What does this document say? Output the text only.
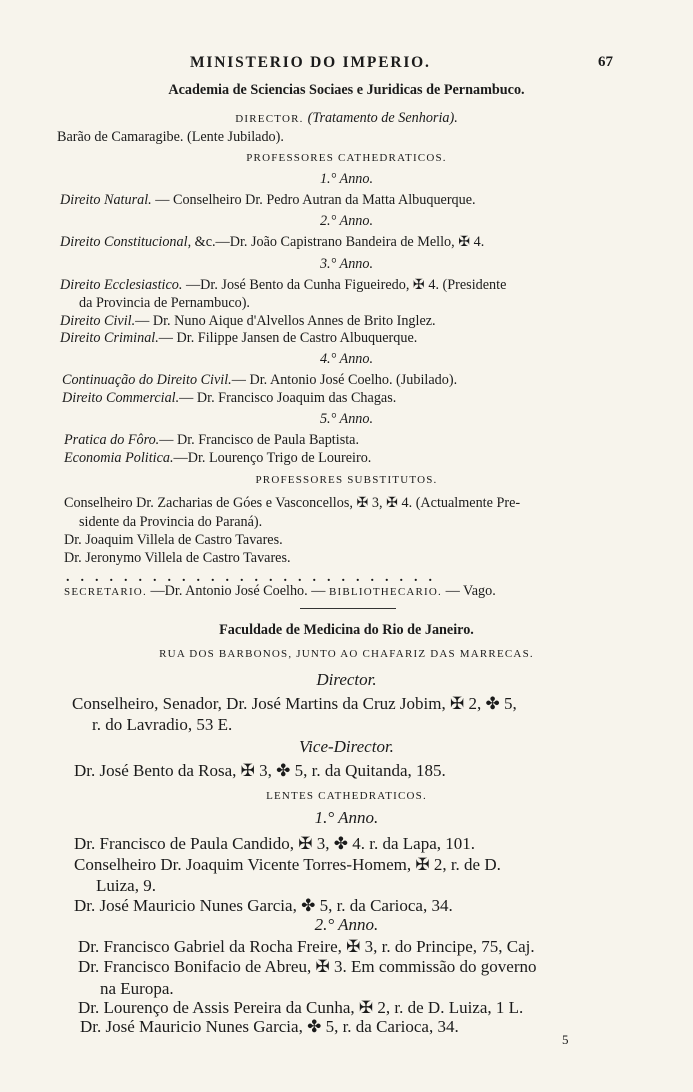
MINISTERIO DO IMPERIO.	67
Academia de Sciencias Sociaes e Juridicas de Pernambuco.
DIRECTOR. (Tratamento de Senhoria).
Barão de Camaragibe. (Lente Jubilado).
PROFESSORES CATHEDRATICOS.
1.° Anno.
Direito Natural. — Conselheiro Dr. Pedro Autran da Matta Albuquerque.
2.° Anno.
Direito Constitucional, &c.—Dr. João Capistrano Bandeira de Mello, ✠ 4.
3.° Anno.
Direito Ecclesiastico. —Dr. José Bento da Cunha Figueiredo, ✠ 4. (Presidente
da Provincia de Pernambuco).
Direito Civil.— Dr. Nuno Aique d'Alvellos Annes de Brito Inglez.
Direito Criminal.— Dr. Filippe Jansen de Castro Albuquerque.
4.° Anno.
Continuação do Direito Civil.— Dr. Antonio José Coelho. (Jubilado).
Direito Commercial.— Dr. Francisco Joaquim das Chagas.
5.° Anno.
Pratica do Fôro.— Dr. Francisco de Paula Baptista.
Economia Politica.—Dr. Lourenço Trigo de Loureiro.
PROFESSORES SUBSTITUTOS.
Conselheiro Dr. Zacharias de Góes e Vasconcellos, ✠ 3, ✠ 4. (Actualmente Pre-
sidente da Provincia do Paraná).
Dr. Joaquim Villela de Castro Tavares.
Dr. Jeronymo Villela de Castro Tavares.
..........................
SECRETARIO. —Dr. Antonio José Coelho. — BIBLIOTHECARIO. — Vago.
Faculdade de Medicina do Rio de Janeiro.
RUA DOS BARBONOS, JUNTO AO CHAFARIZ DAS MARRECAS.
Director.
Conselheiro, Senador, Dr. José Martins da Cruz Jobim, ✠ 2, ✤ 5,
r. do Lavradio, 53 E.
Vice-Director.
Dr. José Bento da Rosa, ✠ 3, ✤ 5, r. da Quitanda, 185.
LENTES CATHEDRATICOS.
1.° Anno.
Dr. Francisco de Paula Candido, ✠ 3, ✤ 4. r. da Lapa, 101.
Conselheiro Dr. Joaquim Vicente Torres-Homem, ✠ 2, r. de D.
Luiza, 9.
Dr. José Mauricio Nunes Garcia, ✤ 5, r. da Carioca, 34.
2.° Anno.
Dr. Francisco Gabriel da Rocha Freire, ✠ 3, r. do Principe, 75, Caj.
Dr. Francisco Bonifacio de Abreu, ✠ 3. Em commissão do governo
na Europa.
Dr. Lourenço de Assis Pereira da Cunha, ✠ 2, r. de D. Luiza, 1 L.
Dr. José Mauricio Nunes Garcia, ✤ 5, r. da Carioca, 34.
5
